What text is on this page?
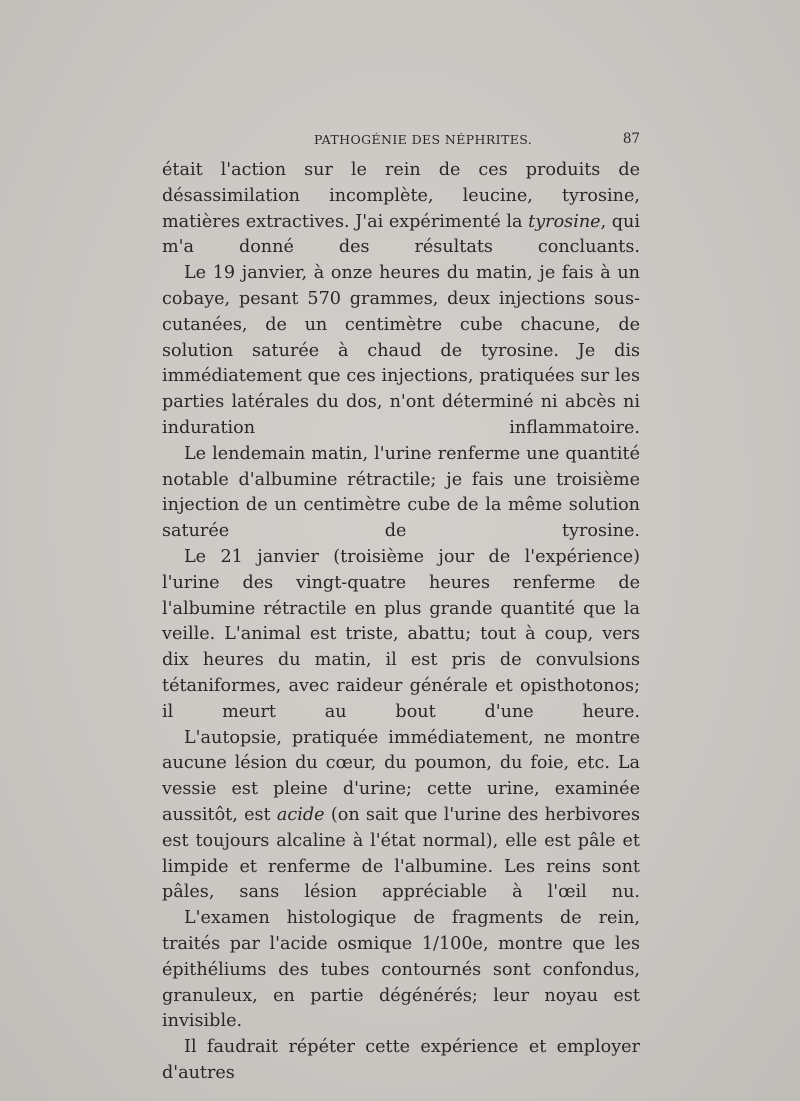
PATHOGÉNIE DES NÉPHRITES.	87

était l'action sur le rein de ces produits de désassimilation incomplète, leucine, tyrosine, matières extractives. J'ai expérimenté la tyrosine, qui m'a donné des résultats concluants.

Le 19 janvier, à onze heures du matin, je fais à un cobaye, pesant 570 grammes, deux injections sous-cutanées, de un centimètre cube chacune, de solution saturée à chaud de tyrosine. Je dis immédiatement que ces injections, pratiquées sur les parties latérales du dos, n'ont déterminé ni abcès ni induration inflammatoire.

Le lendemain matin, l'urine renferme une quantité notable d'albumine rétractile; je fais une troisième injection de un centimètre cube de la même solution saturée de tyrosine.

Le 21 janvier (troisième jour de l'expérience) l'urine des vingt-quatre heures renferme de l'albumine rétractile en plus grande quantité que la veille. L'animal est triste, abattu; tout à coup, vers dix heures du matin, il est pris de convulsions tétaniformes, avec raideur générale et opisthotonos; il meurt au bout d'une heure.

L'autopsie, pratiquée immédiatement, ne montre aucune lésion du cœur, du poumon, du foie, etc. La vessie est pleine d'urine; cette urine, examinée aussitôt, est acide (on sait que l'urine des herbivores est toujours alcaline à l'état normal), elle est pâle et limpide et renferme de l'albumine. Les reins sont pâles, sans lésion appréciable à l'œil nu.

L'examen histologique de fragments de rein, traités par l'acide osmique 1/100e, montre que les épithéliums des tubes contournés sont confondus, granuleux, en partie dégénérés; leur noyau est invisible.

Il faudrait répéter cette expérience et employer d'autres
